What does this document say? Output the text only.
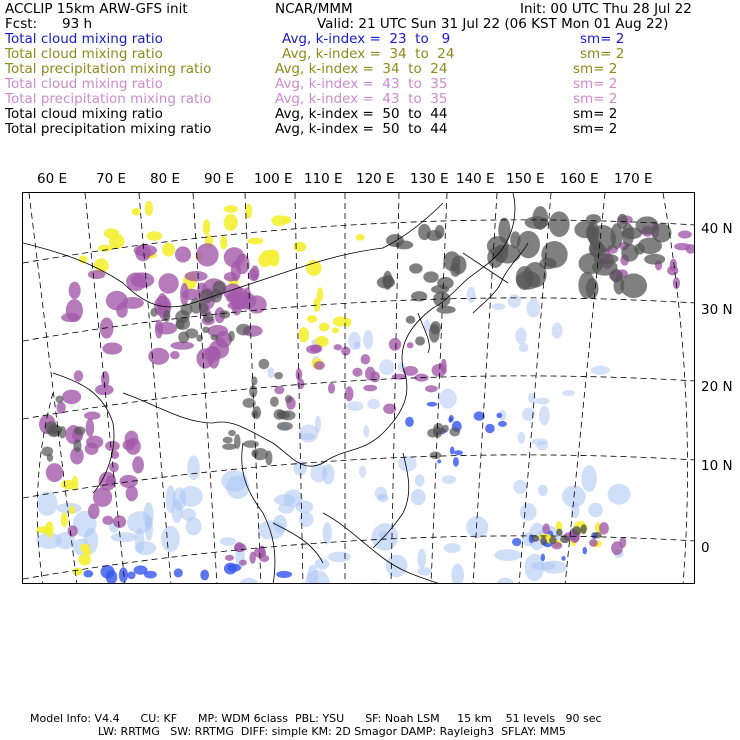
ACCLIP 15km ARW-GFS init	NCAR/MMM	Init: 00 UTC Thu 28 Jul 22
Fcst: 93 h	Valid: 21 UTC Sun 31 Jul 22 (06 KST Mon 01 Aug 22)
Total cloud mixing ratio	Avg, k-index =  23  to   9	sm= 2
Total cloud mixing ratio	Avg, k-index =  34  to  24	sm= 2
Total precipitation mixing ratio	Avg, k-index =  34  to  24	sm= 2
Total cloud mixing ratio	Avg, k-index =  43  to  35	sm= 2
Total precipitation mixing ratio	Avg, k-index =  43  to  35	sm= 2
Total cloud mixing ratio	Avg, k-index =  50  to  44	sm= 2
Total precipitation mixing ratio	Avg, k-index =  50  to  44	sm= 2
60 E 70 E 80 E 90 E 100 E 110 E 120 E 130 E 140 E 150 E 160 E 170 E
40 N
30 N
20 N
10 N
0
Model Info: V4.4      CU: KF      MP: WDM 6class  PBL: YSU      SF: Noah LSM     15 km    51 levels   90 sec
LW: RRTMG   SW: RRTMG  DIFF: simple KM: 2D Smagor DAMP: Rayleigh3  SFLAY: MM5
